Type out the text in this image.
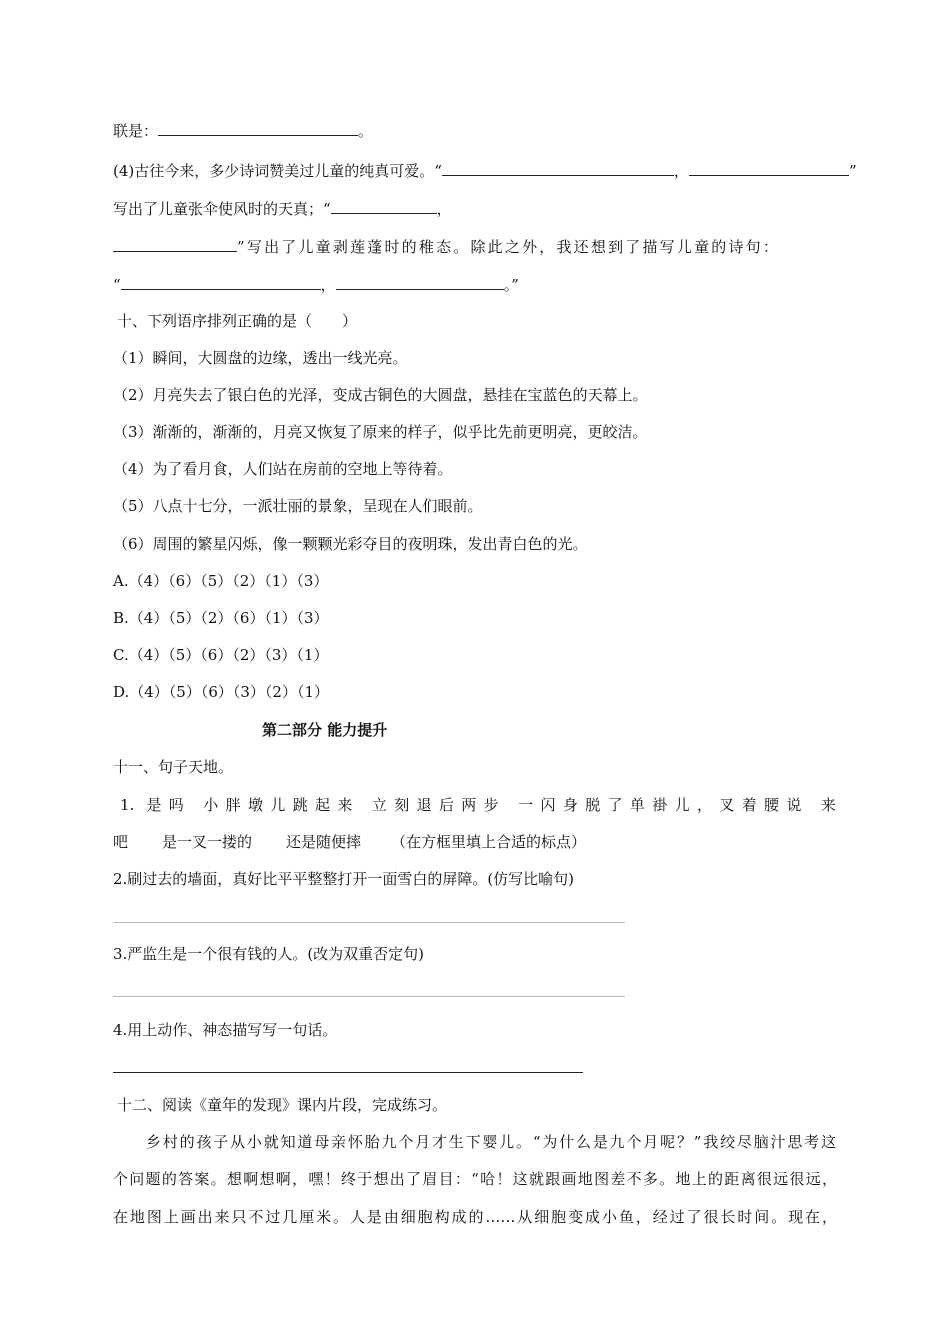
联是：	。
(4)古往今来，多少诗词赞美过儿童的纯真可爱。“	，	”
写出了儿童张伞使风时的天真；“	，
”写出了儿童剥莲蓬时的稚态。除此之外，我还想到了描写儿童的诗句：
“	，	。”
十、下列语序排列正确的是（　　）
（1）瞬间，大圆盘的边缘，透出一线光亮。
（2）月亮失去了银白色的光泽，变成古铜色的大圆盘，悬挂在宝蓝色的天幕上。
（3）渐渐的，渐渐的，月亮又恢复了原来的样子，似乎比先前更明亮，更皎洁。
（4）为了看月食，人们站在房前的空地上等待着。
（5）八点十七分，一派壮丽的景象，呈现在人们眼前。
（6）周围的繁星闪烁，像一颗颗光彩夺目的夜明珠，发出青白色的光。
A.（4）（6）（5）（2）（1）（3）
B.（4）（5）（2）（6）（1）（3）
C.（4）（5）（6）（2）（3）（1）
D.（4）（5）（6）（3）（2）（1）
第二部分 能力提升
十一、句子天地。
1. 是吗 小胖墩儿跳起来 立刻退后两步 一闪身脱了单褂儿，叉着腰说 来
吧 是一叉一搂的 还是随便摔 （在方框里填上合适的标点）
2.刷过去的墙面，真好比平平整整打开一面雪白的屏障。(仿写比喻句)
3.严监生是一个很有钱的人。(改为双重否定句)
4.用上动作、神态描写写一句话。
十二、阅读《童年的发现》课内片段，完成练习。
乡村的孩子从小就知道母亲怀胎九个月才生下婴儿。“为什么是九个月呢？”我绞尽脑汁思考这
个问题的答案。想啊想啊，嘿！终于想出了眉目：“哈！这就跟画地图差不多。地上的距离很远很远，
在地图上画出来只不过几厘米。人是由细胞构成的……从细胞变成小鱼，经过了很长时间。现在，
